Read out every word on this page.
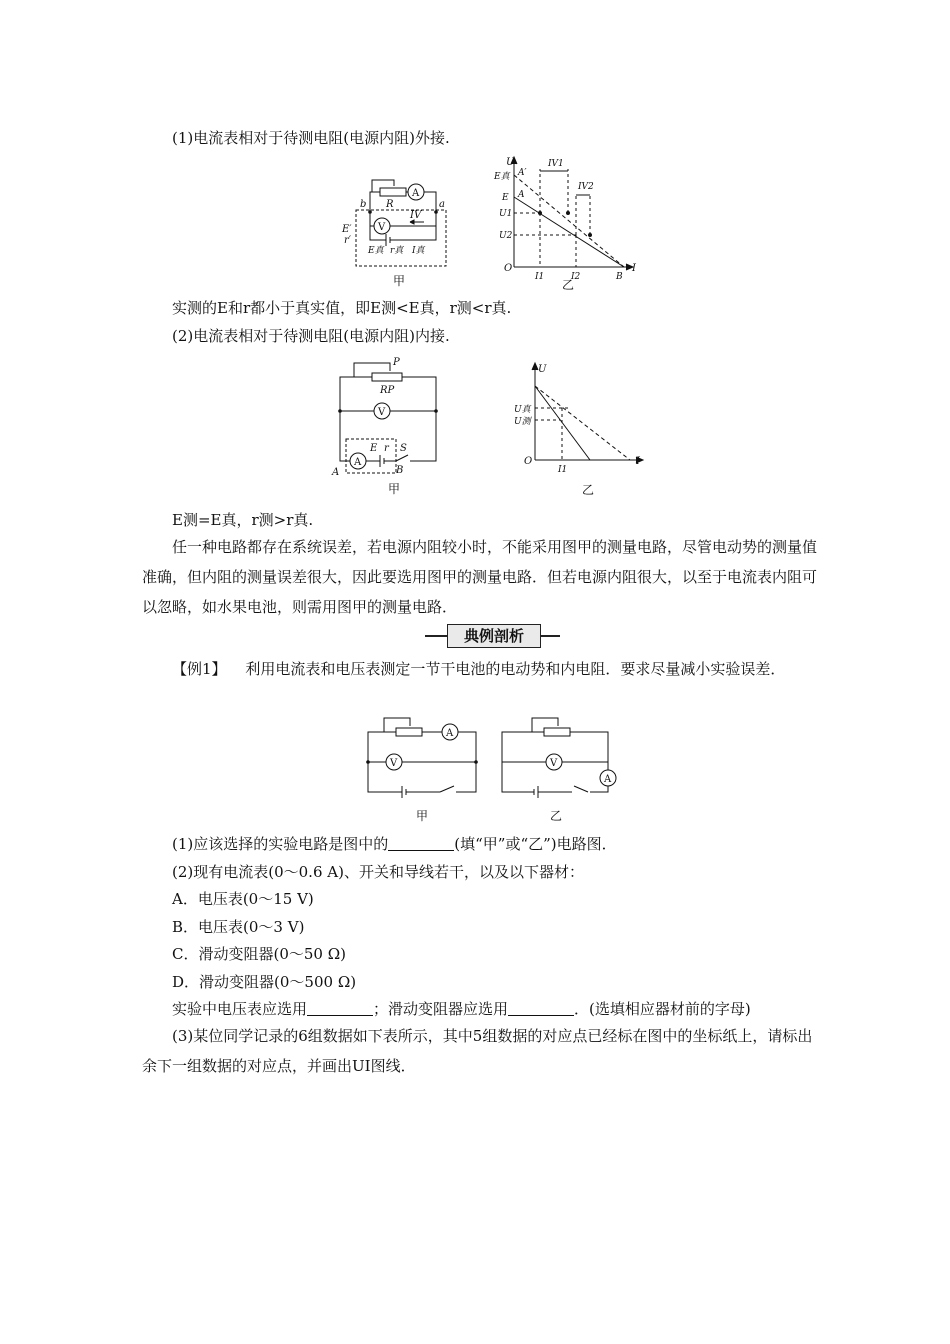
(1)电流表相对于待测电阻(电源内阻)外接.
A
V
R
b	a
E′
r′
IV
E真 r真 I真
甲
U
I
O
E真
E
U1
U2
I1	I2
A′
A
B
IV1
IV2
乙
实测的E和r都小于真实值，即E测<E真，r测<r真.
(2)电流表相对于待测电阻(电源内阻)内接.
P
RP
V
A
E r S
A	B
甲
U
I
O
U真
U测
I1
乙
E测=E真，r测>r真.
任一种电路都存在系统误差，若电源内阻较小时，不能采用图甲的测量电路，尽管电动势的测量值准确，但内阻的测量误差很大，因此要选用图甲的测量电路．但若电源内阻很大，以至于电流表内阻可以忽略，如水果电池，则需用图甲的测量电路．
典例剖析
【例1】 利用电流表和电压表测定一节干电池的电动势和内电阻．要求尽量减小实验误差．
A
V
甲
V
A
乙
(1)应该选择的实验电路是图中的	(填“甲”或“乙”)电路图．
(2)现有电流表(0～0.6 A)、开关和导线若干，以及以下器材：
A．电压表(0～15 V)
B．电压表(0～3 V)
C．滑动变阻器(0～50 Ω)
D．滑动变阻器(0～500 Ω)
实验中电压表应选用	；滑动变阻器应选用	．(选填相应器材前的字母)
(3)某位同学记录的6组数据如下表所示，其中5组数据的对应点已经标在图中的坐标纸上，请标出余下一组数据的对应点，并画出UI图线．
